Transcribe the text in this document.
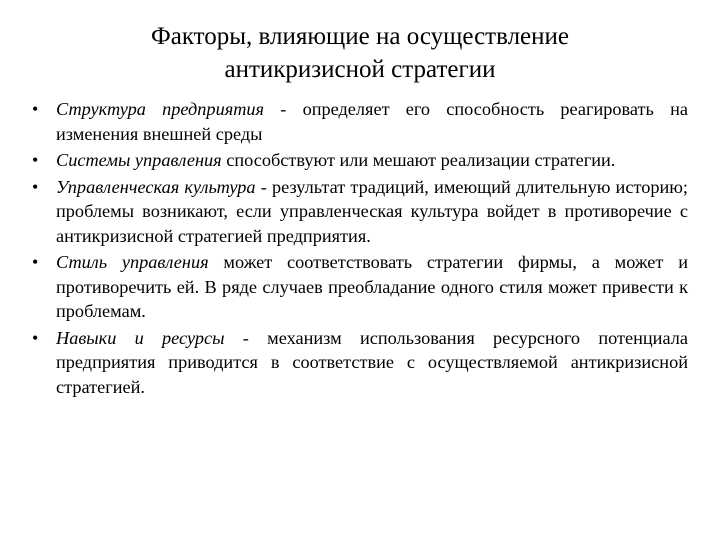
Факторы, влияющие на осуществление
антикризисной стратегии
• Структура предприятия - определяет его способность реагировать на изменения внешней среды
• Системы управления способствуют или мешают реализации стратегии.
• Управленческая культура - результат традиций, имеющий длительную историю; проблемы возникают, если управленческая культура войдет в противоречие с антикризисной стратегией предприятия.
• Стиль управления может соответствовать стратегии фирмы, а может и противоречить ей. В ряде случаев преобладание одного стиля может привести к проблемам.
• Навыки и ресурсы - механизм использования ресурсного потенциала предприятия приводится в соответствие с осуществляемой антикризисной стратегией.
